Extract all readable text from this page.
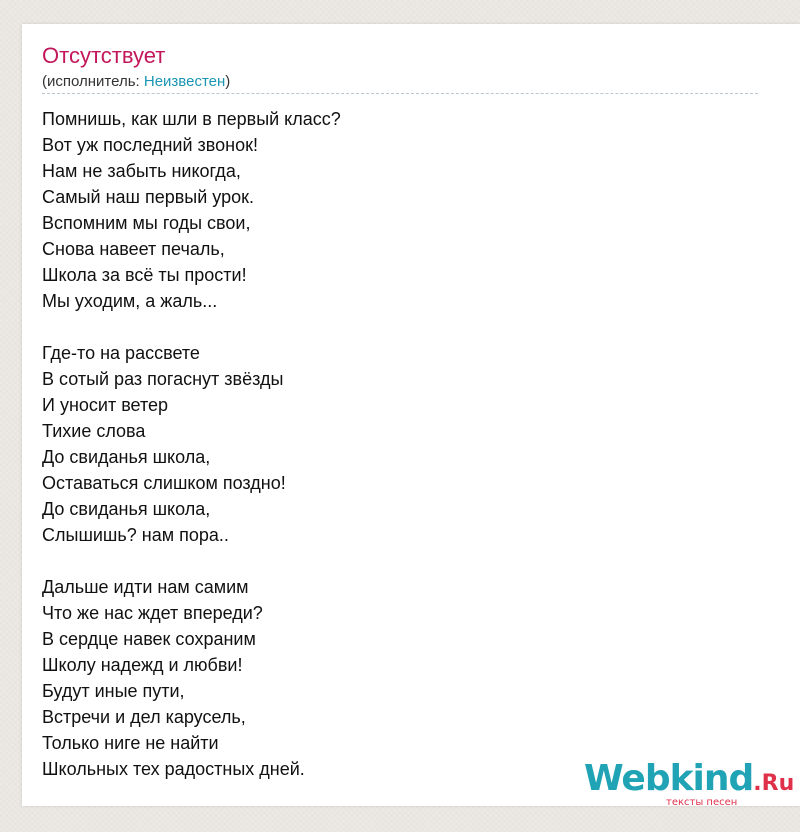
Отсутствует
(исполнитель: Неизвестен)
Помнишь, как шли в первый класс?
Вот уж последний звонок!
Нам не забыть никогда,
Самый наш первый урок.
Вспомним мы годы свои,
Снова навеет печаль,
Школа за всё ты прости!
Мы уходим, а жаль...
Где-то на рассвете
В сотый раз погаснут звёзды
И уносит ветер
Тихие слова
До свиданья школа,
Оставаться слишком поздно!
До свиданья школа,
Слышишь? нам пора..
Дальше идти нам самим
Что же нас ждет впереди?
В сердце навек сохраним
Школу надежд и любви!
Будут иные пути,
Встречи и дел карусель,
Только ниге не найти
Школьных тех радостных дней.	Webkind.Ru
тексты песен
